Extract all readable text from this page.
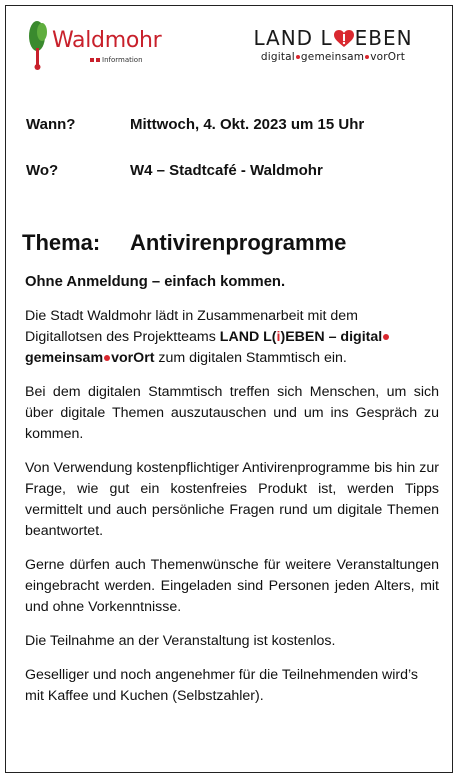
Waldmohr
Information
LAND L EBEN
digital gemeinsam vorOrt
Wann?	Mittwoch, 4. Okt. 2023 um 15 Uhr
Wo?	W4 – Stadtcafé - Waldmohr
Thema: Antivirenprogramme

Ohne Anmeldung – einfach kommen.

Die Stadt Waldmohr lädt in Zusammenarbeit mit dem Digitallotsen des Projektteams LAND L(i)EBEN – digitalgemeinsam vorOrt zum digitalen Stammtisch ein.

Bei dem digitalen Stammtisch treffen sich Menschen, um sich über digitale Themen auszutauschen und um ins Gespräch zu kommen.

Von Verwendung kostenpflichtiger Antivirenprogramme bis hin zur Frage, wie gut ein kostenfreies Produkt ist, werden Tipps vermittelt und auch persönliche Fragen rund um digitale Themen beantwortet.

Gerne dürfen auch Themenwünsche für weitere Veranstaltungen eingebracht werden. Eingeladen sind Personen jeden Alters, mit und ohne Vorkenntnisse.

Die Teilnahme an der Veranstaltung ist kostenlos.

Geselliger und noch angenehmer für die Teilnehmenden wird’s mit Kaffee und Kuchen (Selbstzahler).
